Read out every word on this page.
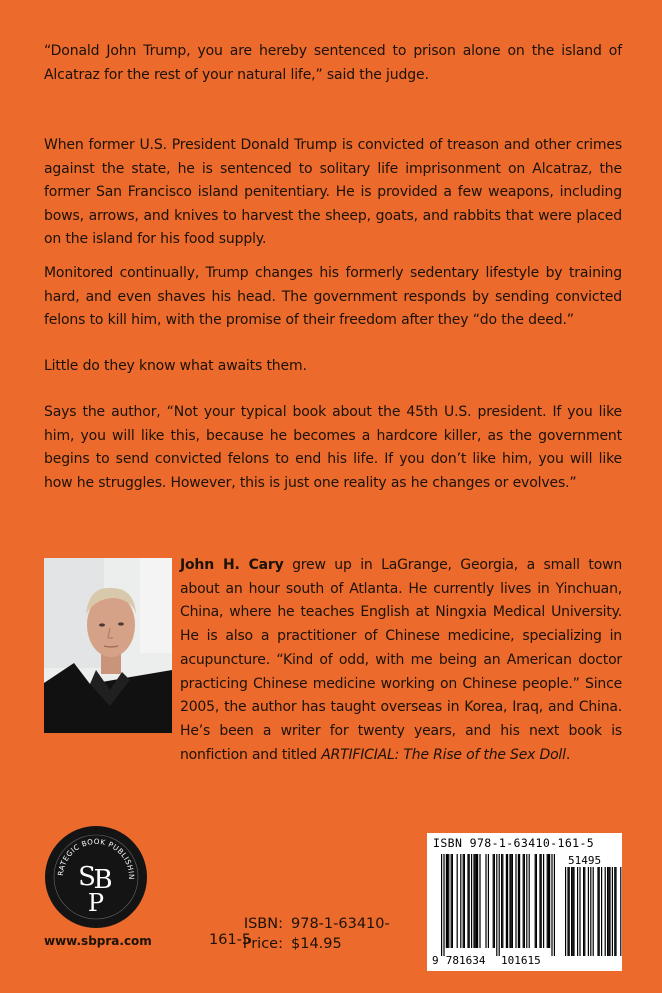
“Donald John Trump, you are hereby sentenced to prison alone on the island of Alcatraz for the rest of your natural life,” said the judge.

When former U.S. President Donald Trump is convicted of treason and other crimes against the state, he is sentenced to solitary life imprisonment on Alcatraz, the former San Francisco island penitentiary. He is provided a few weapons, including bows, arrows, and knives to harvest the sheep, goats, and rabbits that were placed on the island for his food supply.

Monitored continually, Trump changes his formerly sedentary lifestyle by training hard, and even shaves his head. The government responds by sending convicted felons to kill him, with the promise of their freedom after they “do the deed.”

Little do they know what awaits them.

Says the author, “Not your typical book about the 45th U.S. president. If you like him, you will like this, because he becomes a hardcore killer, as the government begins to send convicted felons to end his life. If you don’t like him, you will like how he struggles. However, this is just one reality as he changes or evolves.”

John H. Cary grew up in LaGrange, Georgia, a small town about an hour south of Atlanta. He currently lives in Yinchuan, China, where he teaches English at Ningxia Medical University. He is also a practitioner of Chinese medicine, specializing in acupuncture. “Kind of odd, with me being an American doctor practicing Chinese medicine working on Chinese people.” Since 2005, the author has taught overseas in Korea, Iraq, and China. He’s been a writer for twenty years, and his next book is nonfiction and titled ARTIFICIAL: The Rise of the Sex Doll.

RATEGIC BOOK PUBLISHIN
S
B
P
www.sbpra.com
ISBN: 978-1-63410-161-5
Price: $14.95
ISBN 978-1-63410-161-5
9 781634 101615
51495
